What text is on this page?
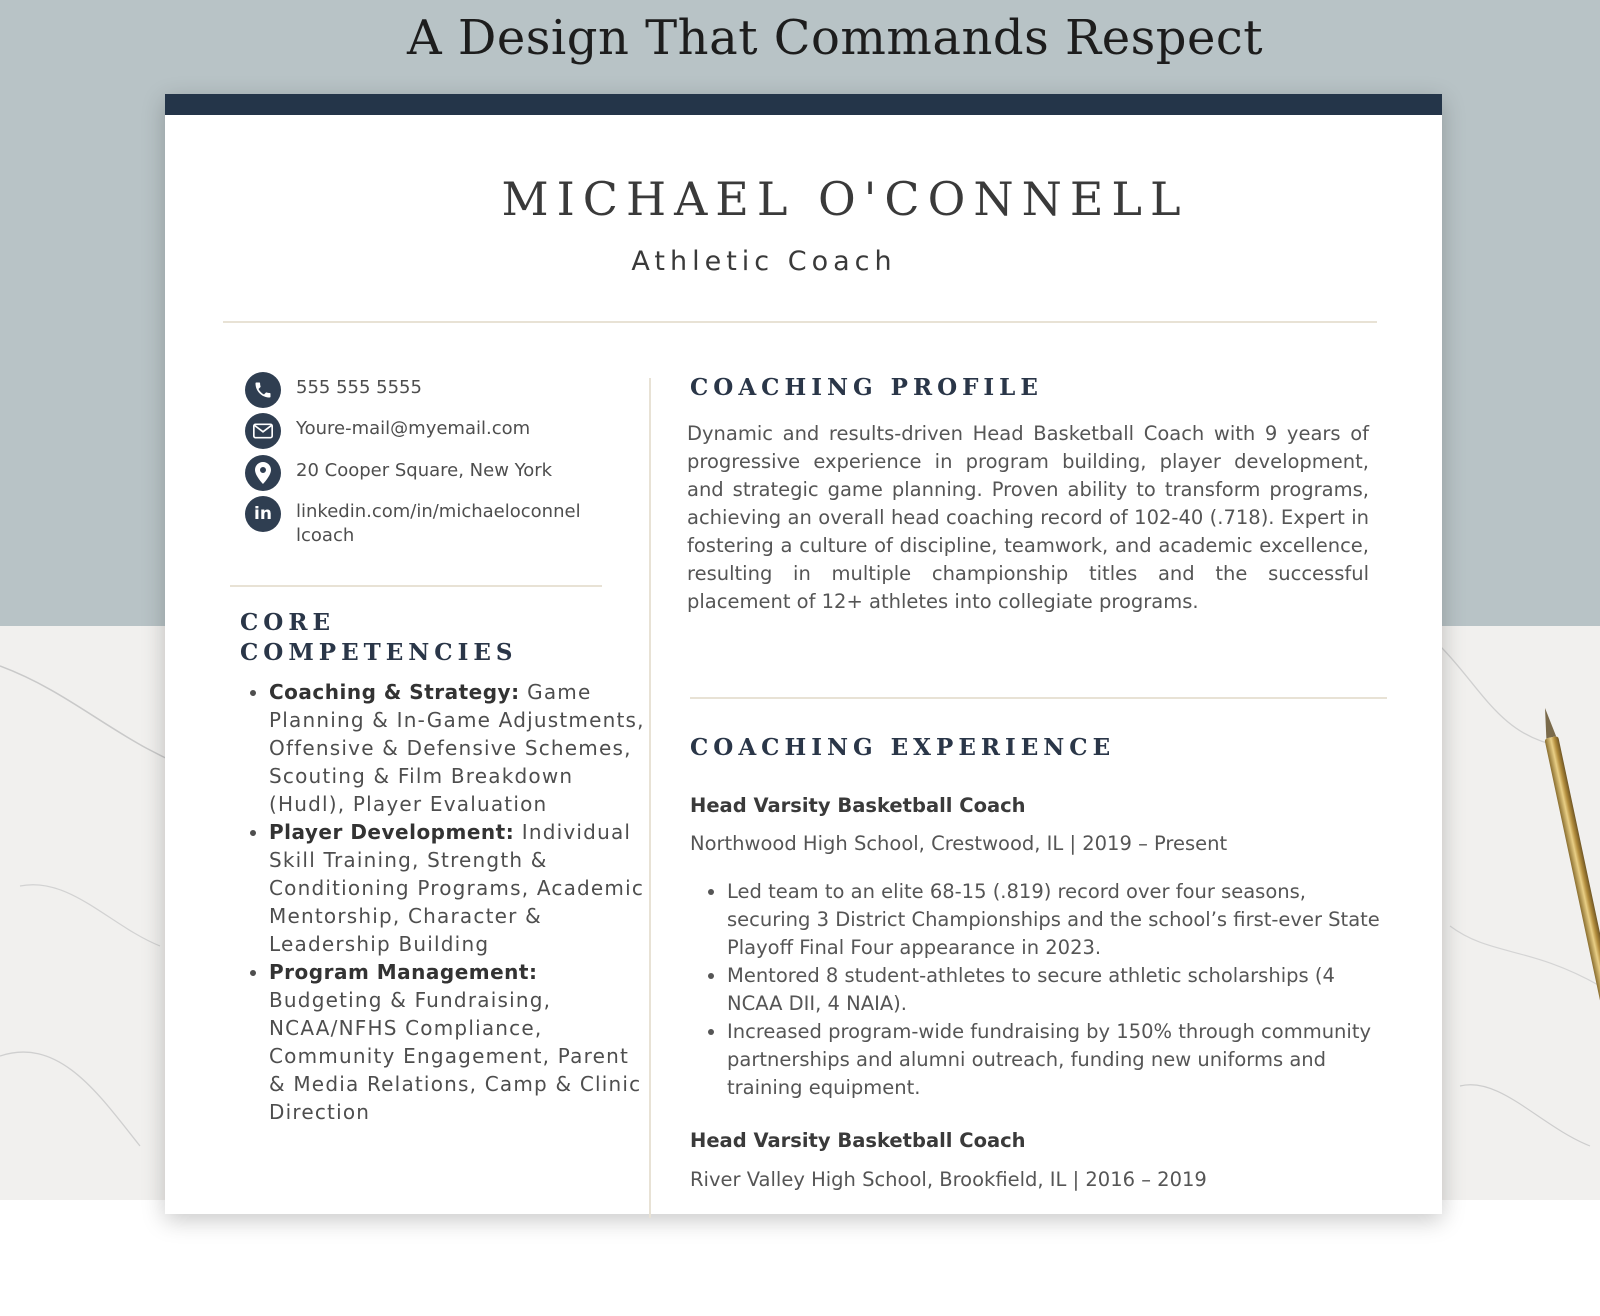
A Design That Commands Respect
MICHAEL O'CONNELL
Athletic Coach
555 555 5555
Youre-mail@myemail.com
20 Cooper Square, New York
in linkedin.com/in/michaeloconnel
lcoach
CORE
COMPETENCIES
• Coaching & Strategy: Game Planning & In-Game Adjustments, Offensive & Defensive Schemes, Scouting & Film Breakdown (Hudl), Player Evaluation
• Player Development: Individual Skill Training, Strength & Conditioning Programs, Academic Mentorship, Character & Leadership Building
• Program Management: Budgeting & Fundraising, NCAA/NFHS Compliance, Community Engagement, Parent & Media Relations, Camp & Clinic Direction
COACHING PROFILE

Dynamic and results-driven Head Basketball Coach with 9 years of progressive experience in program building, player development, and strategic game planning. Proven ability to transform programs, achieving an overall head coaching record of 102-40 (.718). Expert in fostering a culture of discipline, teamwork, and academic excellence, resulting in multiple championship titles and the successful placement of 12+ athletes into collegiate programs.

COACHING EXPERIENCE
Head Varsity Basketball Coach
Northwood High School, Crestwood, IL | 2019 – Present
• Led team to an elite 68-15 (.819) record over four seasons, securing 3 District Championships and the school’s first-ever State Playoff Final Four appearance in 2023.
• Mentored 8 student-athletes to secure athletic scholarships (4 NCAA DII, 4 NAIA).
• Increased program-wide fundraising by 150% through community partnerships and alumni outreach, funding new uniforms and training equipment.
Head Varsity Basketball Coach
River Valley High School, Brookfield, IL | 2016 – 2019
